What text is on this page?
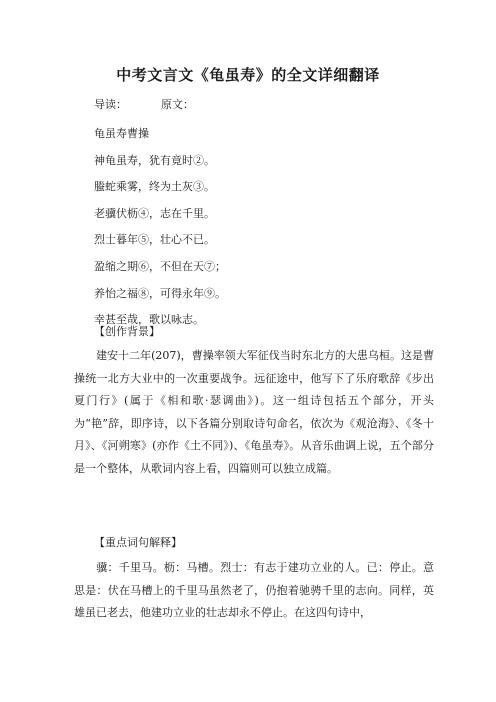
中考文言文《龟虽寿》的全文详细翻译
导读：	原文：
龟虽寿曹操
神龟虽寿，犹有竟时②。
螣蛇乘雾，终为土灰③。
老骥伏枥④，志在千里。
烈士暮年⑤，壮心不已。
盈缩之期⑥，不但在天⑦；
养怡之福⑧，可得永年⑨。
幸甚至哉，歌以咏志。
【创作背景】

建安十二年(207)，曹操率领大军征伐当时东北方的大患乌桓。这是曹操统一北方大业中的一次重要战争。远征途中，他写下了乐府歌辞《步出夏门行》(属于《相和歌·瑟调曲》)。这一组诗包括五个部分，开头为“艳”辞，即序诗，以下各篇分别取诗句命名，依次为《观沧海》、《冬十月》、《河朔寒》(亦作《土不同》)、《龟虽寿》。从音乐曲调上说，五个部分是一个整体，从歌词内容上看，四篇则可以独立成篇。

【重点词句解释】

骥：千里马。枥：马槽。烈士：有志于建功立业的人。已：停止。意思是：伏在马槽上的千里马虽然老了，仍抱着驰骋千里的志向。同样，英雄虽已老去，他建功立业的壮志却永不停止。在这四句诗中，
